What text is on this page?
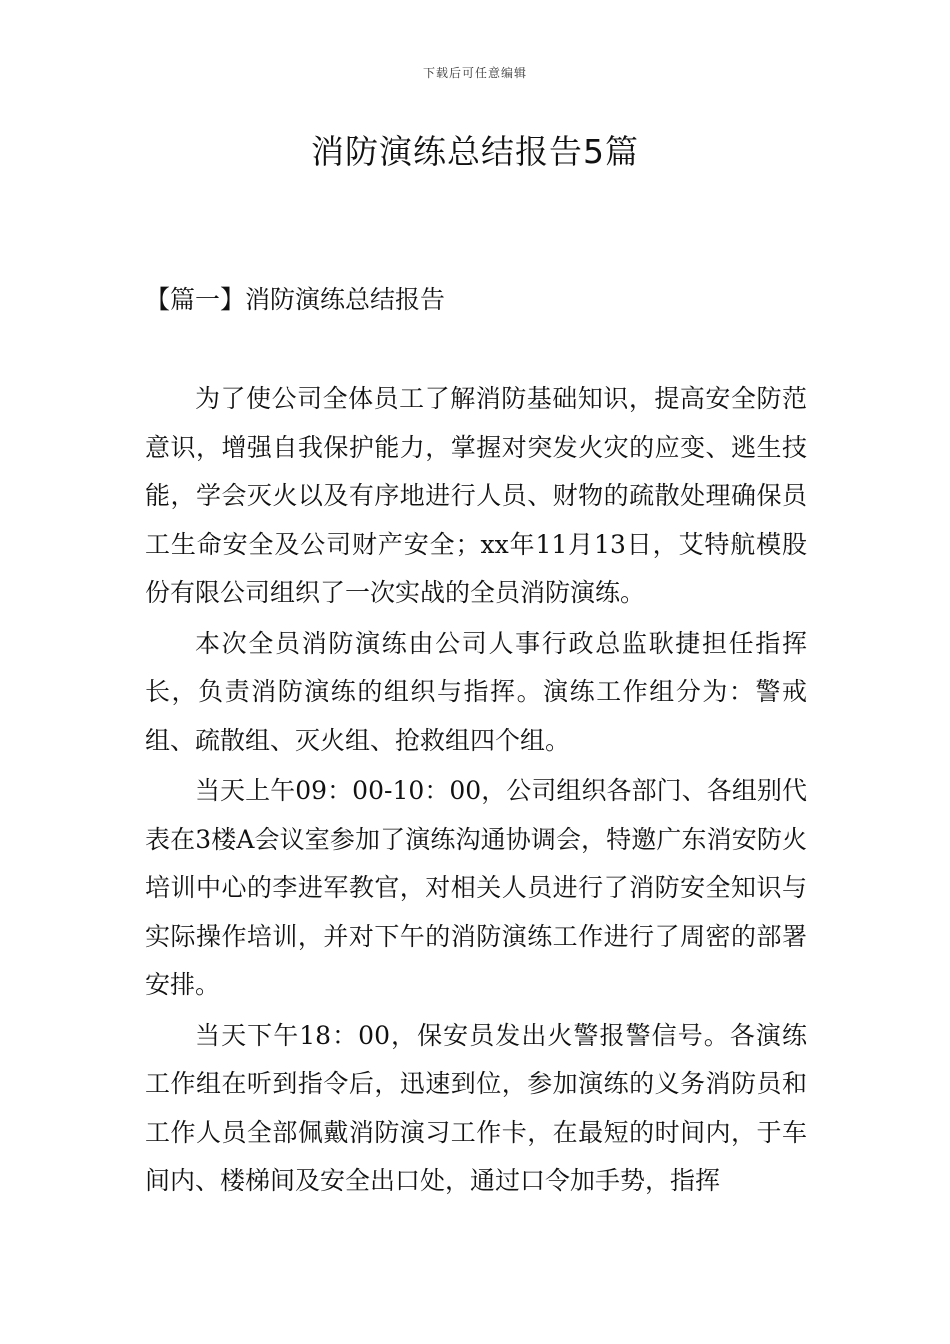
下载后可任意编辑
消防演练总结报告5篇
【篇一】消防演练总结报告

为了使公司全体员工了解消防基础知识，提高安全防范意识，增强自我保护能力，掌握对突发火灾的应变、逃生技能，学会灭火以及有序地进行人员、财物的疏散处理确保员工生命安全及公司财产安全；xx年11月13日，艾特航模股份有限公司组织了一次实战的全员消防演练。

本次全员消防演练由公司人事行政总监耿捷担任指挥长，负责消防演练的组织与指挥。演练工作组分为：警戒组、疏散组、灭火组、抢救组四个组。

当天上午09：00-10：00，公司组织各部门、各组别代表在3楼A会议室参加了演练沟通协调会，特邀广东消安防火培训中心的李进军教官，对相关人员进行了消防安全知识与实际操作培训，并对下午的消防演练工作进行了周密的部署安排。

当天下午18：00，保安员发出火警报警信号。各演练工作组在听到指令后，迅速到位，参加演练的义务消防员和工作人员全部佩戴消防演习工作卡，在最短的时间内，于车间内、楼梯间及安全出口处，通过口令加手势，指挥
